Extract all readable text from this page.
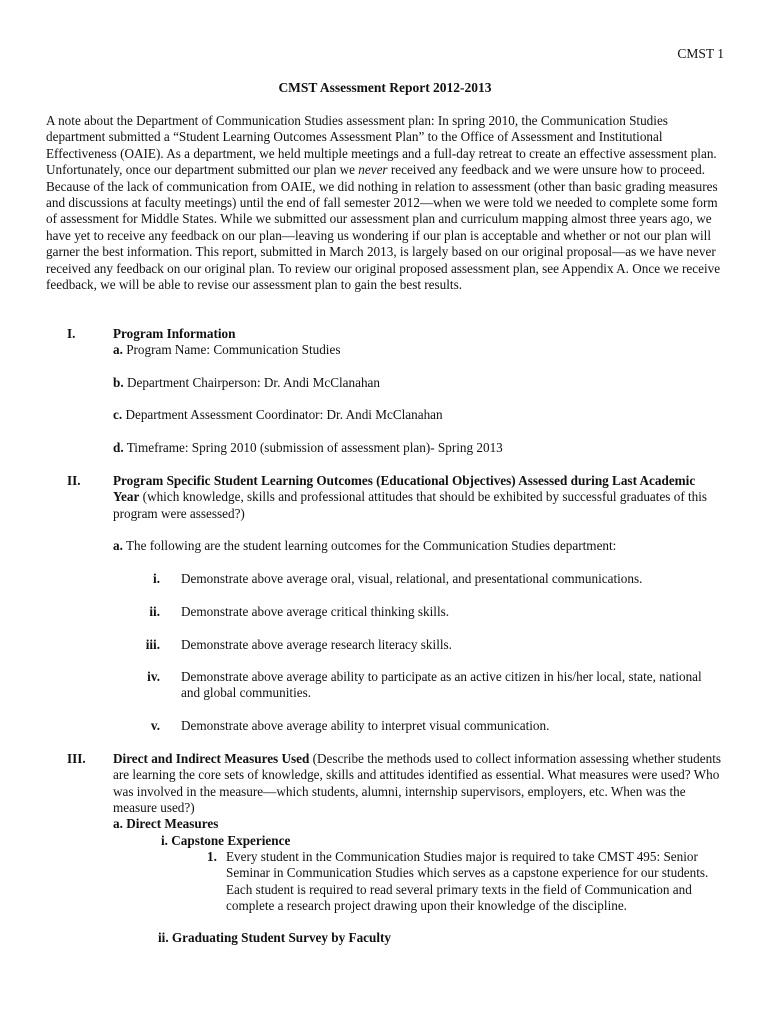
CMST 1
CMST Assessment Report 2012-2013
A note about the Department of Communication Studies assessment plan: In spring 2010, the Communication Studies department submitted a “Student Learning Outcomes Assessment Plan” to the Office of Assessment and Institutional Effectiveness (OAIE). As a department, we held multiple meetings and a full-day retreat to create an effective assessment plan. Unfortunately, once our department submitted our plan we never received any feedback and we were unsure how to proceed. Because of the lack of communication from OAIE, we did nothing in relation to assessment (other than basic grading measures and discussions at faculty meetings) until the end of fall semester 2012—when we were told we needed to complete some form of assessment for Middle States. While we submitted our assessment plan and curriculum mapping almost three years ago, we have yet to receive any feedback on our plan—leaving us wondering if our plan is acceptable and whether or not our plan will garner the best information. This report, submitted in March 2013, is largely based on our original proposal—as we have never received any feedback on our original plan. To review our original proposed assessment plan, see Appendix A. Once we receive feedback, we will be able to revise our assessment plan to gain the best results.
I.	Program Information
a. Program Name: Communication Studies
b. Department Chairperson: Dr. Andi McClanahan
c. Department Assessment Coordinator: Dr. Andi McClanahan
d. Timeframe: Spring 2010 (submission of assessment plan)- Spring 2013
II. Program Specific Student Learning Outcomes (Educational Objectives) Assessed during Last Academic Year (which knowledge, skills and professional attitudes that should be exhibited by successful graduates of this program were assessed?)
a. The following are the student learning outcomes for the Communication Studies department:
i. Demonstrate above average oral, visual, relational, and presentational communications.
ii. Demonstrate above average critical thinking skills.
iii. Demonstrate above average research literacy skills.
iv. Demonstrate above average ability to participate as an active citizen in his/her local, state, national and global communities.
v. Demonstrate above average ability to interpret visual communication.
III. Direct and Indirect Measures Used (Describe the methods used to collect information assessing whether students are learning the core sets of knowledge, skills and attitudes identified as essential. What measures were used? Who was involved in the measure—which students, alumni, internship supervisors, employers, etc. When was the measure used?)
a. Direct Measures
i. Capstone Experience
1. Every student in the Communication Studies major is required to take CMST 495: Senior Seminar in Communication Studies which serves as a capstone experience for our students. Each student is required to read several primary texts in the field of Communication and complete a research project drawing upon their knowledge of the discipline.
ii. Graduating Student Survey by Faculty
